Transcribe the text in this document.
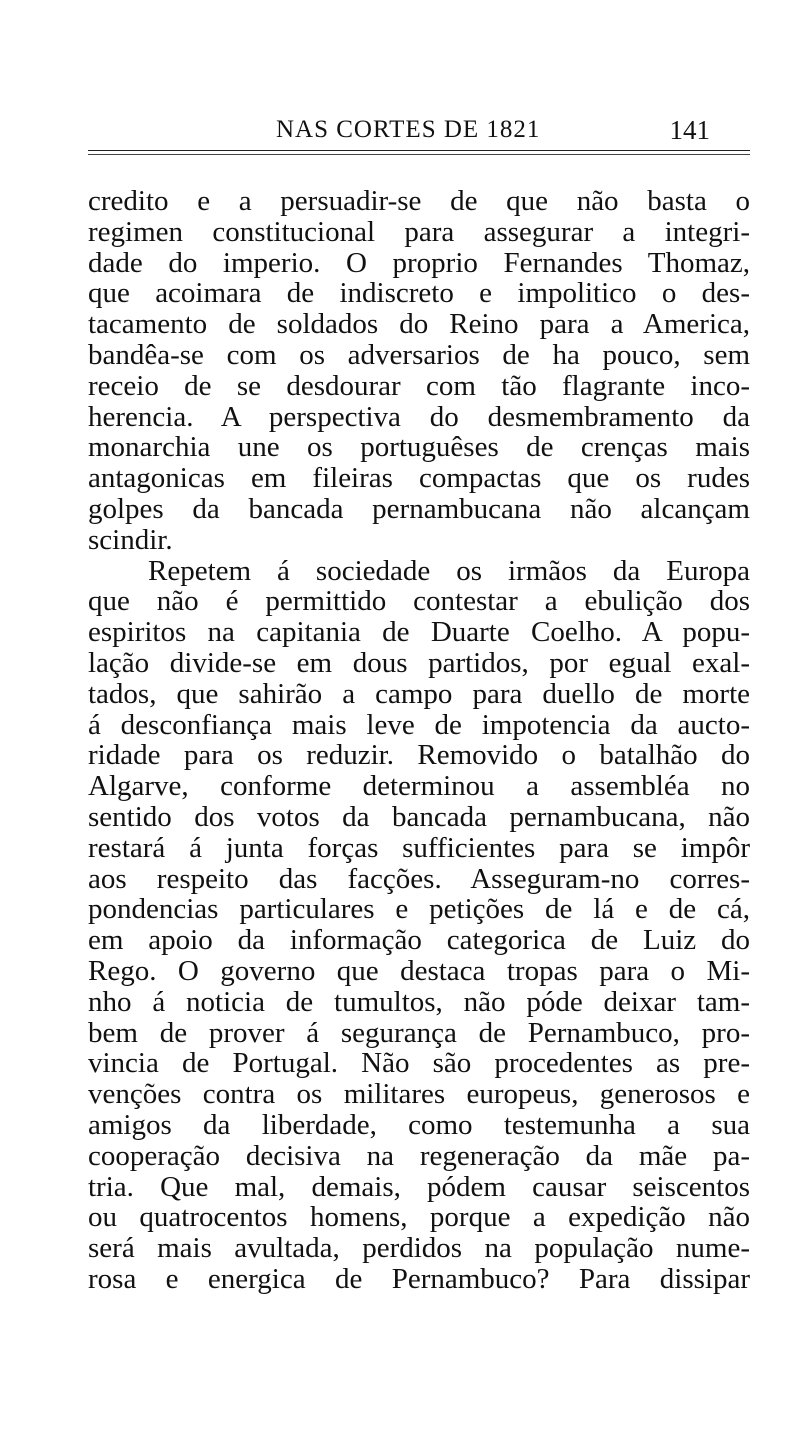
NAS CORTES DE 1821	141
credito e a persuadir-se de que não basta o
regimen constitucional para assegurar a integri-
dade do imperio. O proprio Fernandes Thomaz,
que acoimara de indiscreto e impolitico o des-
tacamento de soldados do Reino para a America,
bandêa-se com os adversarios de ha pouco, sem
receio de se desdourar com tão flagrante inco-
herencia. A perspectiva do desmembramento da
monarchia une os portuguêses de crenças mais
antagonicas em fileiras compactas que os rudes
golpes da bancada pernambucana não alcançam
scindir.
Repetem á sociedade os irmãos da Europa
que não é permittido contestar a ebulição dos
espiritos na capitania de Duarte Coelho. A popu-
lação divide-se em dous partidos, por egual exal-
tados, que sahirão a campo para duello de morte
á desconfiança mais leve de impotencia da aucto-
ridade para os reduzir. Removido o batalhão do
Algarve, conforme determinou a assembléa no
sentido dos votos da bancada pernambucana, não
restará á junta forças sufficientes para se impôr
aos respeito das facções. Asseguram-no corres-
pondencias particulares e petições de lá e de cá,
em apoio da informação categorica de Luiz do
Rego. O governo que destaca tropas para o Mi-
nho á noticia de tumultos, não póde deixar tam-
bem de prover á segurança de Pernambuco, pro-
vincia de Portugal. Não são procedentes as pre-
venções contra os militares europeus, generosos e
amigos da liberdade, como testemunha a sua
cooperação decisiva na regeneração da mãe pa-
tria. Que mal, demais, pódem causar seiscentos
ou quatrocentos homens, porque a expedição não
será mais avultada, perdidos na população nume-
rosa e energica de Pernambuco? Para dissipar
